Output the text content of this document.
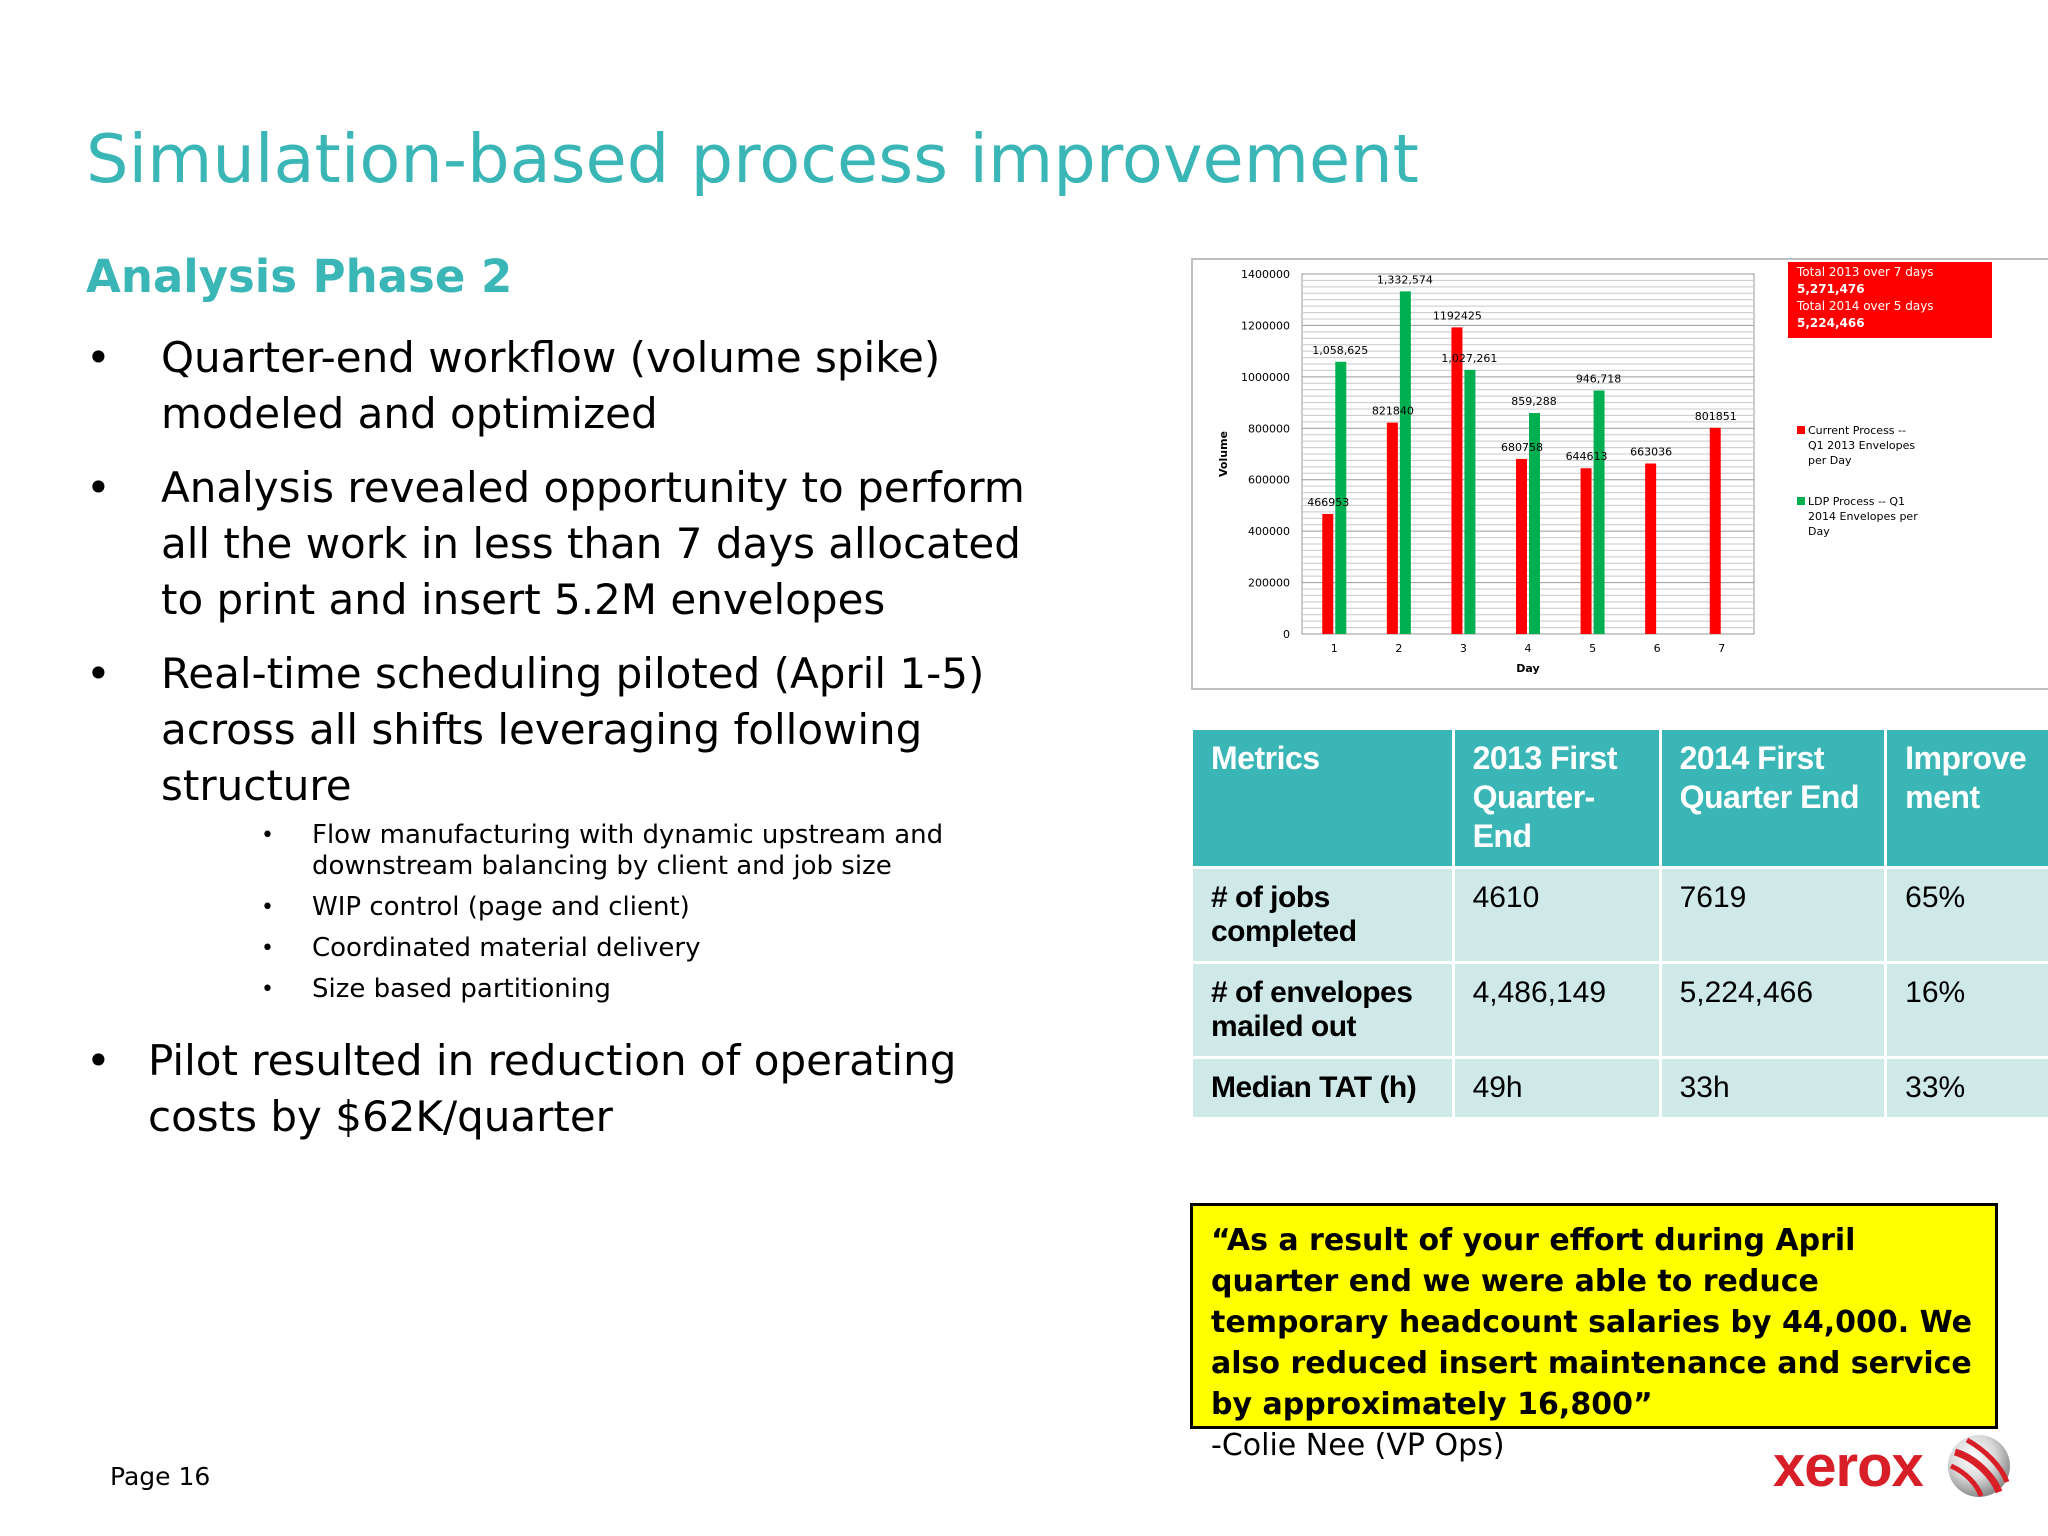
Simulation-based process improvement
Analysis Phase 2
• Quarter-end workflow (volume spike) modeled and optimized
• Analysis revealed opportunity to perform all the work in less than 7 days allocated to print and insert 5.2M envelopes
• Real-time scheduling piloted (April 1-5) across all shifts leveraging following structure
• Flow manufacturing with dynamic upstream and downstream balancing by client and job size
• WIP control (page and client)
• Coordinated material delivery
• Size based partitioning
• Pilot resulted in reduction of operating costs by $62K/quarter
0
200000
400000
600000
800000
1000000
1200000
1400000
1	2	3	4	5	6	7
466953
1,058,625
821840
1,332,574
1192425
1,027,261
680758
859,288
644613
946,718
663036
801851
Day
Volume
Total 2013 over 7 days
5,271,476
Total 2014 over 5 days
5,224,466
Current Process --
Q1 2013 Envelopes
per Day
LDP Process -- Q1
2014 Envelopes per
Day
Metrics	2013 First Quarter-End	2014 First Quarter End	Improve ment
# of jobs completed	4610	7619	65%
# of envelopes mailed out	4,486,149	5,224,466	16%
Median TAT (h)	49h	33h	33%
“As a result of your effort during April quarter end we were able to reduce temporary headcount salaries by 44,000. We also reduced insert maintenance and service by approximately 16,800”
-Colie Nee (VP Ops)
Page 16	xerox
